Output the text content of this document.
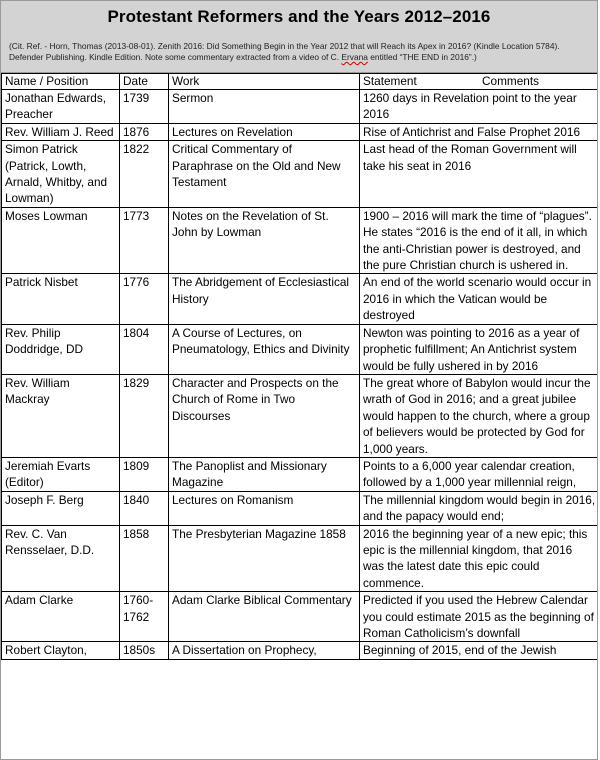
Protestant Reformers and the Years 2012–2016
(Cit. Ref. - Horn, Thomas (2013-08-01). Zenith 2016: Did Something Begin in the Year 2012 that will Reach its Apex in 2016? (Kindle Location 5784). Defender Publishing. Kindle Edition. Note some commentary extracted from a video of C. Ervana entitled “THE END in 2016”.)
Name / Position	Date	Work	Statement	Comments
Jonathan Edwards, Preacher	1739	Sermon	1260 days in Revelation point to the year 2016	
Rev. William J. Reed	1876	Lectures on Revelation	Rise of Antichrist and False Prophet 2016	
Simon Patrick (Patrick, Lowth, Arnald, Whitby, and Lowman)	1822	Critical Commentary of Paraphrase on the Old and New Testament	Last head of the Roman Government will take his seat in 2016	
Moses Lowman	1773	Notes on the Revelation of St. John by Lowman	1900 – 2016 will mark the time of “plagues”. He states “2016 is the end of it all, in which the anti-Christian power is destroyed, and the pure Christian church is ushered in.	
Patrick Nisbet	1776	The Abridgement of Ecclesiastical History	An end of the world scenario would occur in 2016 in which the Vatican would be destroyed	
Rev. Philip Doddridge, DD	1804	A Course of Lectures, on Pneumatology, Ethics and Divinity	Newton was pointing to 2016 as a year of prophetic fulfillment; An Antichrist system would be fully ushered in by 2016	
Rev. William Mackray	1829	Character and Prospects on the Church of Rome in Two Discourses	The great whore of Babylon would incur the wrath of God in 2016; and a great jubilee would happen to the church, where a group of believers would be protected by God for 1,000 years.	
Jeremiah Evarts (Editor)	1809	The Panoplist and Missionary Magazine	Points to a 6,000 year calendar creation, followed by a 1,000 year millennial reign,	
Joseph F. Berg	1840	Lectures on Romanism	The millennial kingdom would begin in 2016, and the papacy would end;	
Rev. C. Van Rensselaer, D.D.	1858	The Presbyterian Magazine 1858	2016 the beginning year of a new epic; this epic is the millennial kingdom, that 2016 was the latest date this epic could commence.	
Adam Clarke	1760-1762	Adam Clarke Biblical Commentary	Predicted if you used the Hebrew Calendar you could estimate 2015 as the beginning of Roman Catholicism’s downfall	
Robert Clayton,	1850s	A Dissertation on Prophecy,	Beginning of 2015, end of the Jewish	
